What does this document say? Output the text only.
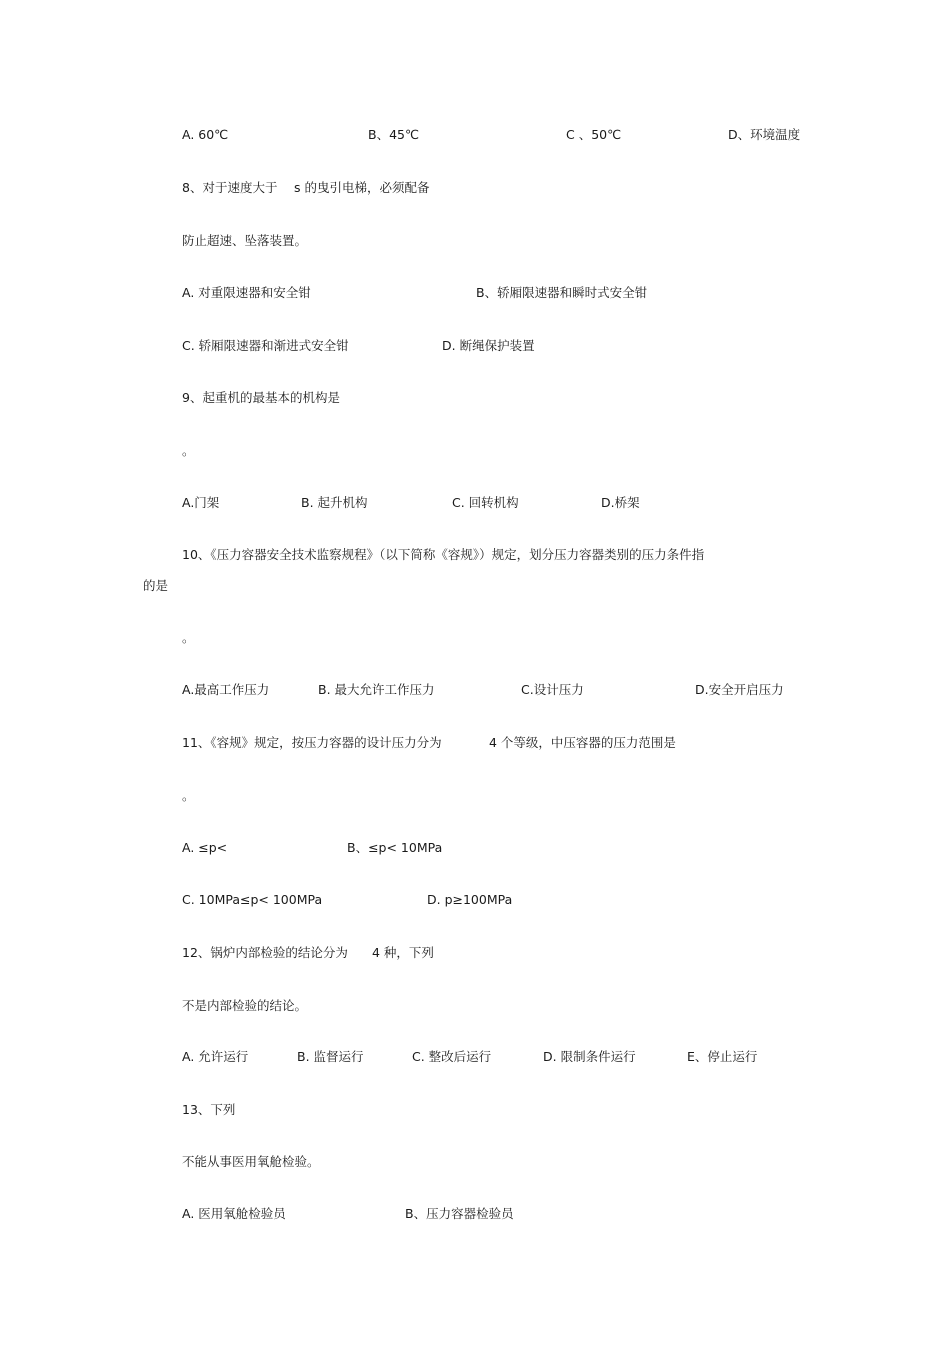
A. 60℃	B、45℃	C 、50℃	D、环境温度
8、对于速度大于 s 的曳引电梯，必须配备
防止超速、坠落装置。
A. 对重限速器和安全钳	B、轿厢限速器和瞬时式安全钳
C. 轿厢限速器和渐进式安全钳	D. 断绳保护装置
9、起重机的最基本的机构是
。
A.门架	B. 起升机构	C. 回转机构	D.桥架
10、《压力容器安全技术监察规程》（以下简称《容规》）规定，划分压力容器类别的压力条件指
的是
。
A.最高工作压力	B. 最大允许工作压力	C.设计压力	D.安全开启压力
11、《容规》规定，按压力容器的设计压力分为	4 个等级，中压容器的压力范围是
。
A. ≤p<	B、≤p< 10MPa
C. 10MPa≤p< 100MPa	D. p≥100MPa
12、锅炉内部检验的结论分为 4 种，下列
不是内部检验的结论。
A. 允许运行	B. 监督运行	C. 整改后运行	D. 限制条件运行	E、停止运行
13、下列
不能从事医用氧舱检验。
A. 医用氧舱检验员	B、压力容器检验员
